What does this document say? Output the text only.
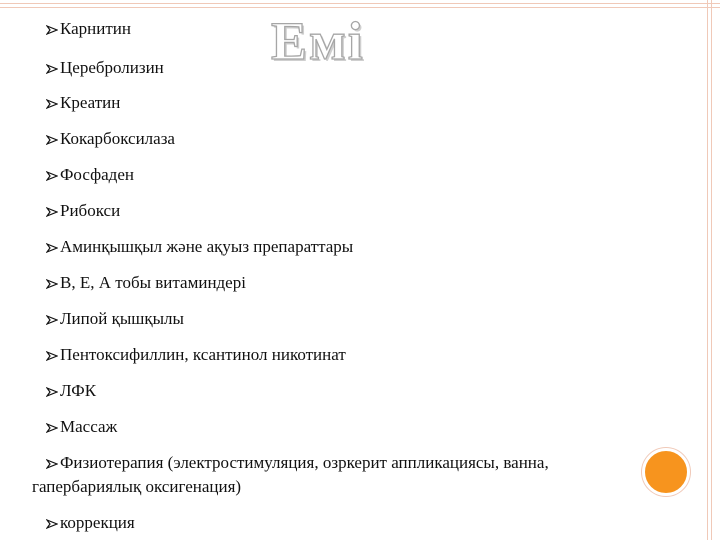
Емі
Карнитин
Церебролизин
Креатин
Кокарбоксилаза
Фосфаден
Рибокси
Аминқышқыл және ақуыз препараттары
В, Е, А тобы витаминдері
Липой қышқылы
Пентоксифиллин, ксантинол никотинат
ЛФК
Массаж
Физиотерапия (электростимуляция, озркерит аппликациясы, ванна,
гапербариялық оксигенация)
коррекция
